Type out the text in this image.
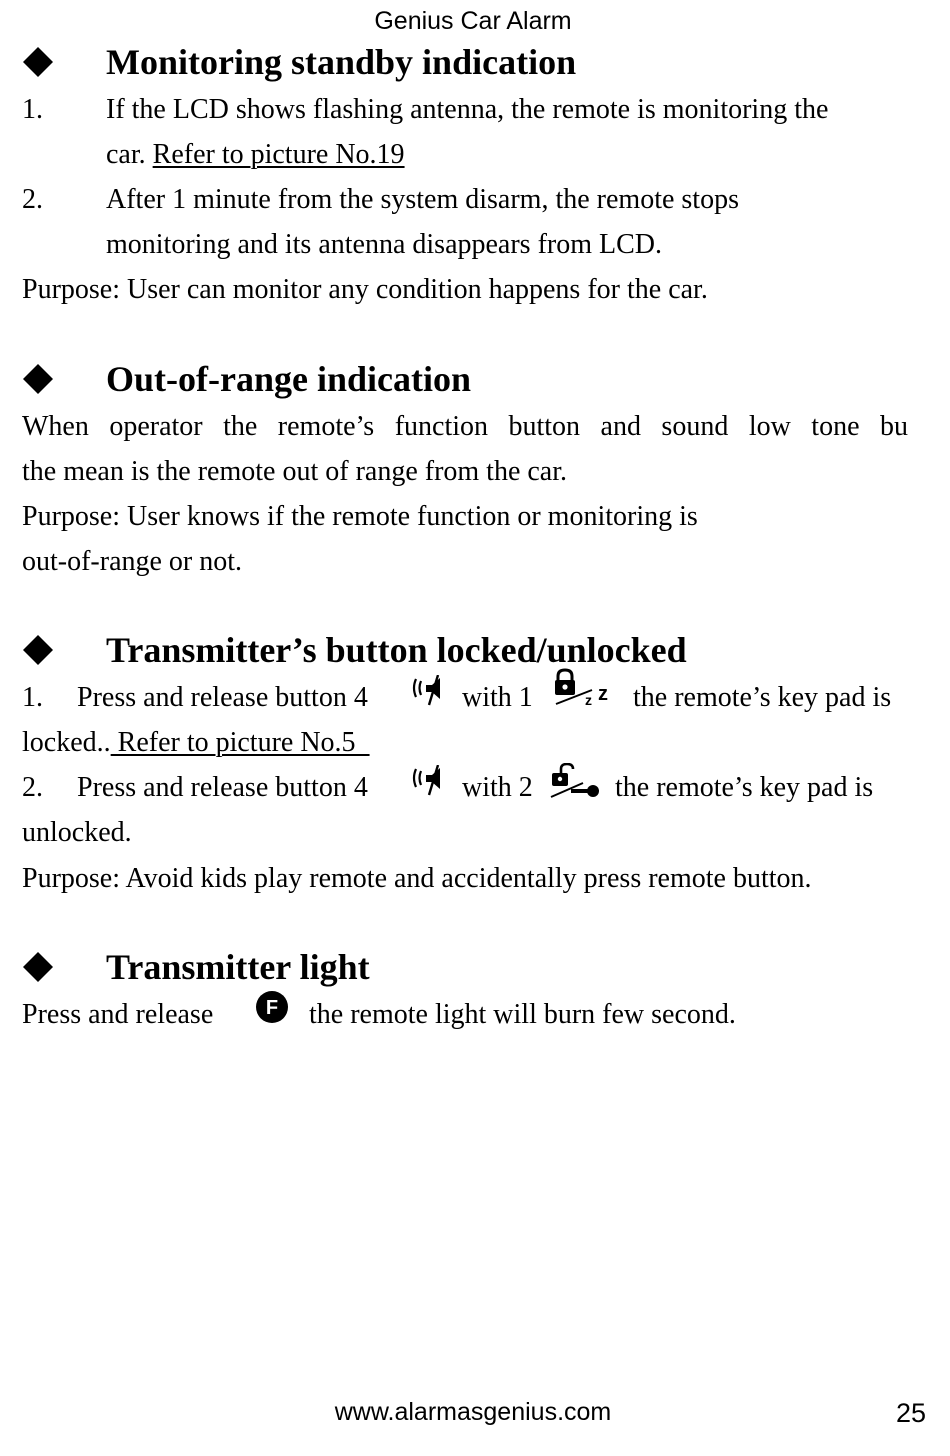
Genius Car Alarm
Monitoring standby indication
1. If the LCD shows flashing antenna, the remote is monitoring the
car. Refer to picture No.19
2. After 1 minute from the system disarm, the remote stops
monitoring and its antenna disappears from LCD.
Purpose: User can monitor any condition happens for the car.
Out-of-range indication
When operator the remote’s function button and sound low tone bu
the mean is the remote out of range from the car.
Purpose: User knows if the remote function or monitoring is
out-of-range or not.
Transmitter’s button locked/unlocked
1. Press and release button 4	with 1	z z the remote’s key pad is
locked.. Refer to picture No.5
2. Press and release button 4	with 2	the remote’s key pad is
unlocked.
Purpose: Avoid kids play remote and accidentally press remote button.
Transmitter light
Press and release	F the remote light will burn few second.
www.alarmasgenius.com	25
